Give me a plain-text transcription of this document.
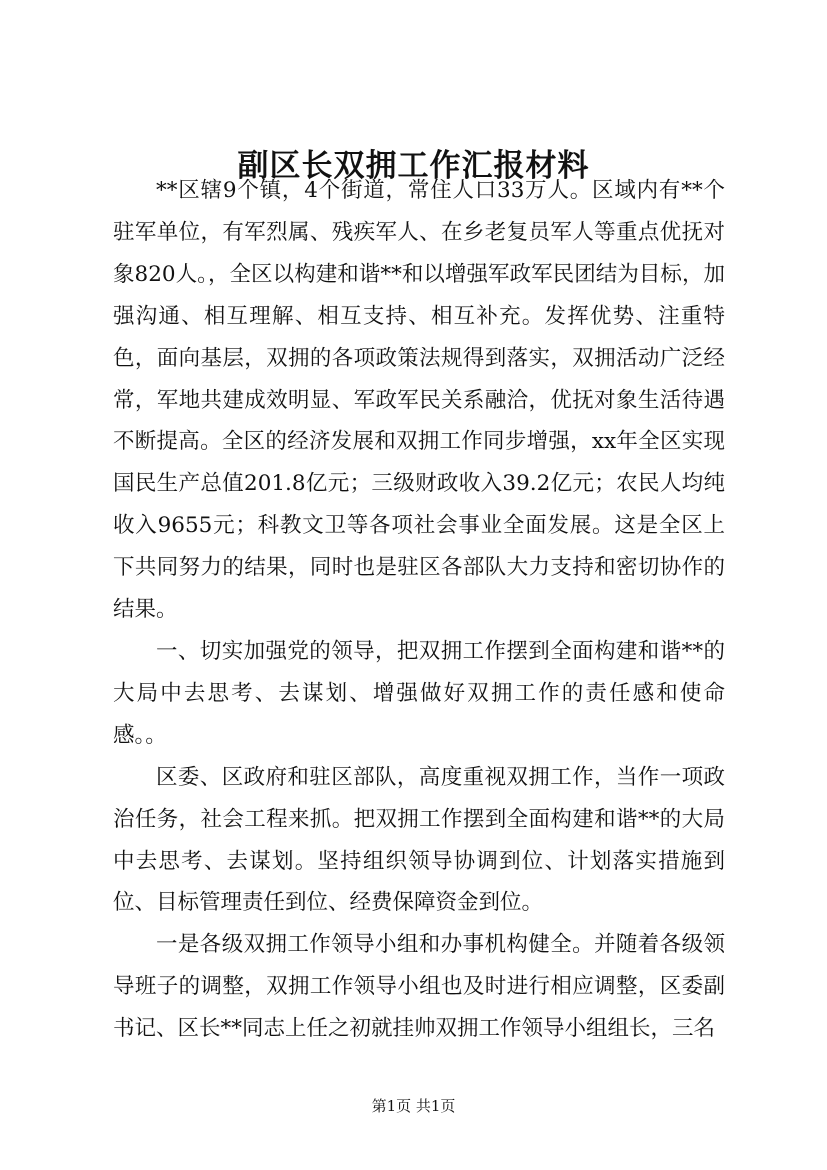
副区长双拥工作汇报材料

**区辖9个镇，4个街道，常住人口33万人。区域内有**个驻军单位，有军烈属、残疾军人、在乡老复员军人等重点优抚对象820人。，全区以构建和谐**和以增强军政军民团结为目标，加强沟通、相互理解、相互支持、相互补充。发挥优势、注重特色，面向基层，双拥的各项政策法规得到落实，双拥活动广泛经常，军地共建成效明显、军政军民关系融洽，优抚对象生活待遇不断提高。全区的经济发展和双拥工作同步增强，xx年全区实现国民生产总值201.8亿元；三级财政收入39.2亿元；农民人均纯收入9655元；科教文卫等各项社会事业全面发展。这是全区上下共同努力的结果，同时也是驻区各部队大力支持和密切协作的结果。

一、切实加强党的领导，把双拥工作摆到全面构建和谐**的大局中去思考、去谋划、增强做好双拥工作的责任感和使命感。。

区委、区政府和驻区部队，高度重视双拥工作，当作一项政治任务，社会工程来抓。把双拥工作摆到全面构建和谐**的大局中去思考、去谋划。坚持组织领导协调到位、计划落实措施到位、目标管理责任到位、经费保障资金到位。

一是各级双拥工作领导小组和办事机构健全。并随着各级领导班子的调整，双拥工作领导小组也及时进行相应调整，区委副书记、区长**同志上任之初就挂帅双拥工作领导小组组长，三名

第1页 共1页
